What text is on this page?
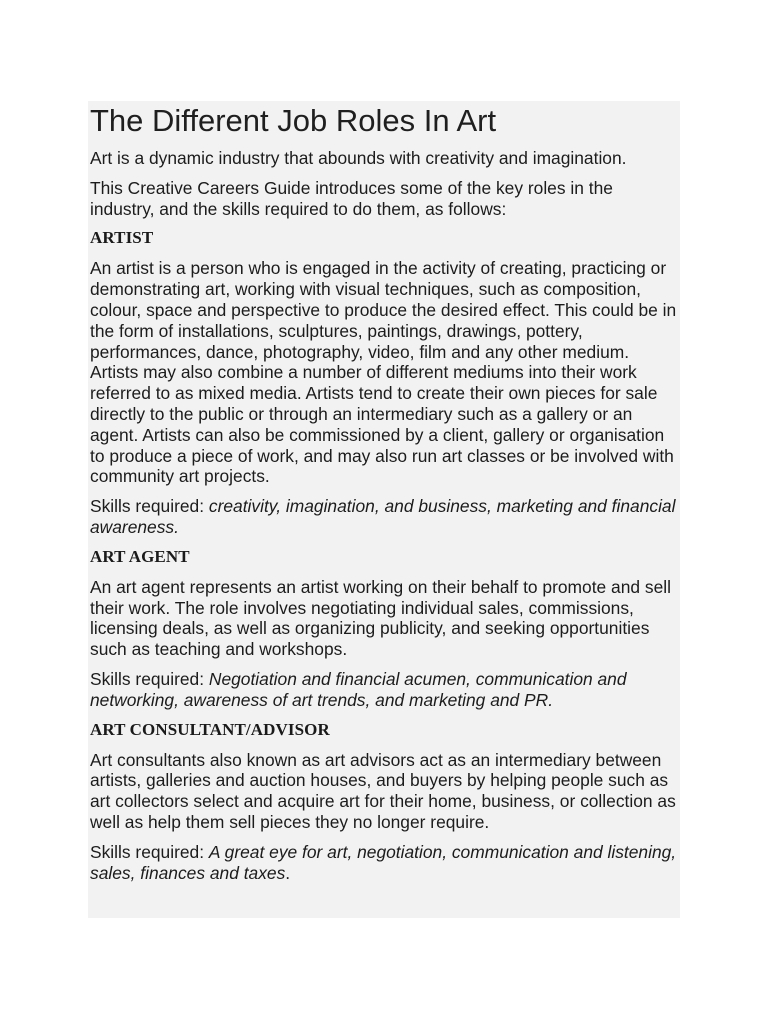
The Different Job Roles In Art

Art is a dynamic industry that abounds with creativity and imagination.

This Creative Careers Guide introduces some of the key roles in the industry, and the skills required to do them, as follows:

ARTIST

An artist is a person who is engaged in the activity of creating, practicing or demonstrating art, working with visual techniques, such as composition, colour, space and perspective to produce the desired effect. This could be in the form of installations, sculptures, paintings, drawings, pottery, performances, dance, photography, video, film and any other medium. Artists may also combine a number of different mediums into their work referred to as mixed media. Artists tend to create their own pieces for sale directly to the public or through an intermediary such as a gallery or an agent. Artists can also be commissioned by a client, gallery or organisation to produce a piece of work, and may also run art classes or be involved with community art projects.

Skills required: creativity, imagination, and business, marketing and financial awareness.

ART AGENT

An art agent represents an artist working on their behalf to promote and sell their work. The role involves negotiating individual sales, commissions, licensing deals, as well as organizing publicity, and seeking opportunities such as teaching and workshops.

Skills required: Negotiation and financial acumen, communication and networking, awareness of art trends, and marketing and PR.

ART CONSULTANT/ADVISOR

Art consultants also known as art advisors act as an intermediary between artists, galleries and auction houses, and buyers by helping people such as art collectors select and acquire art for their home, business, or collection as well as help them sell pieces they no longer require.

Skills required: A great eye for art, negotiation, communication and listening, sales, finances and taxes.
